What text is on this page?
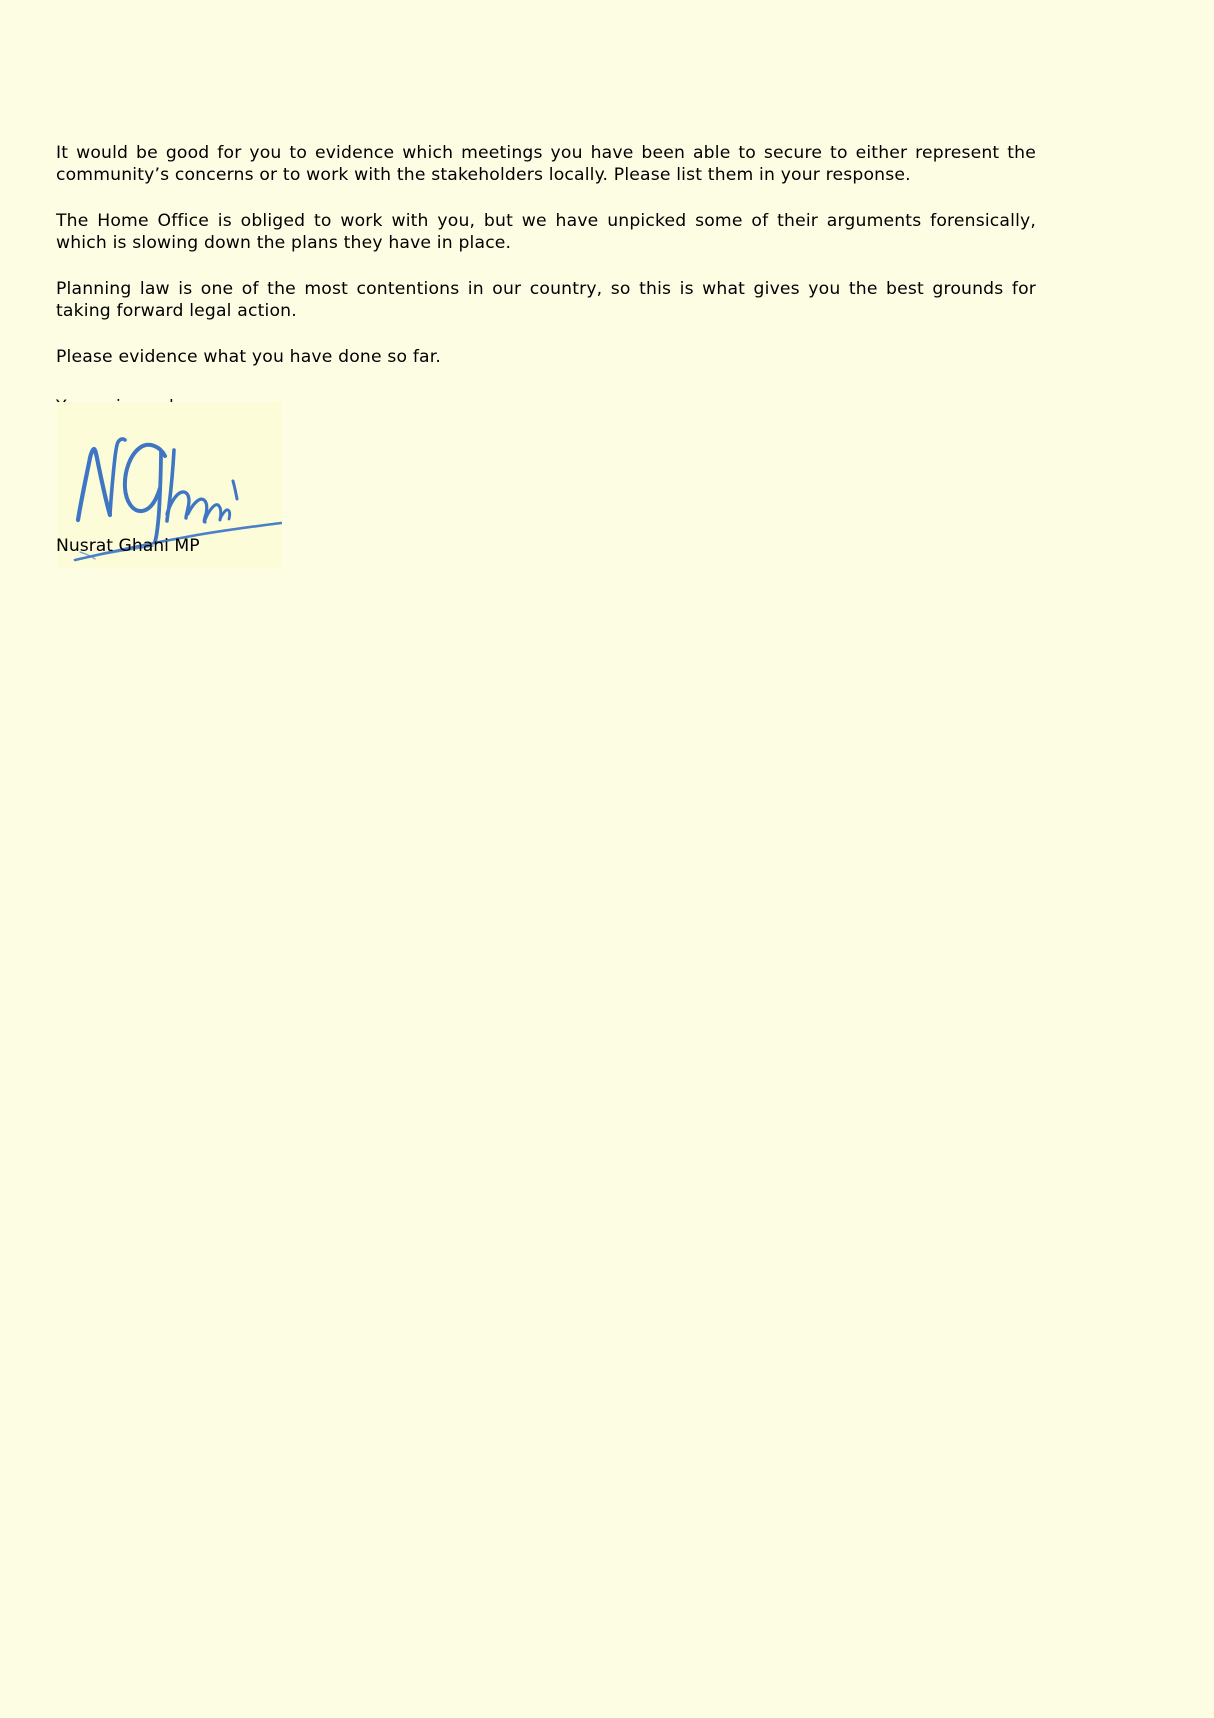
It would be good for you to evidence which meetings you have been able to secure to either represent the community’s concerns or to work with the stakeholders locally. Please list them in your response.

The Home Office is obliged to work with you, but we have unpicked some of their arguments forensically, which is slowing down the plans they have in place.

Planning law is one of the most contentions in our country, so this is what gives you the best grounds for taking forward legal action.

Please evidence what you have done so far.

Nusrat Ghani MP
